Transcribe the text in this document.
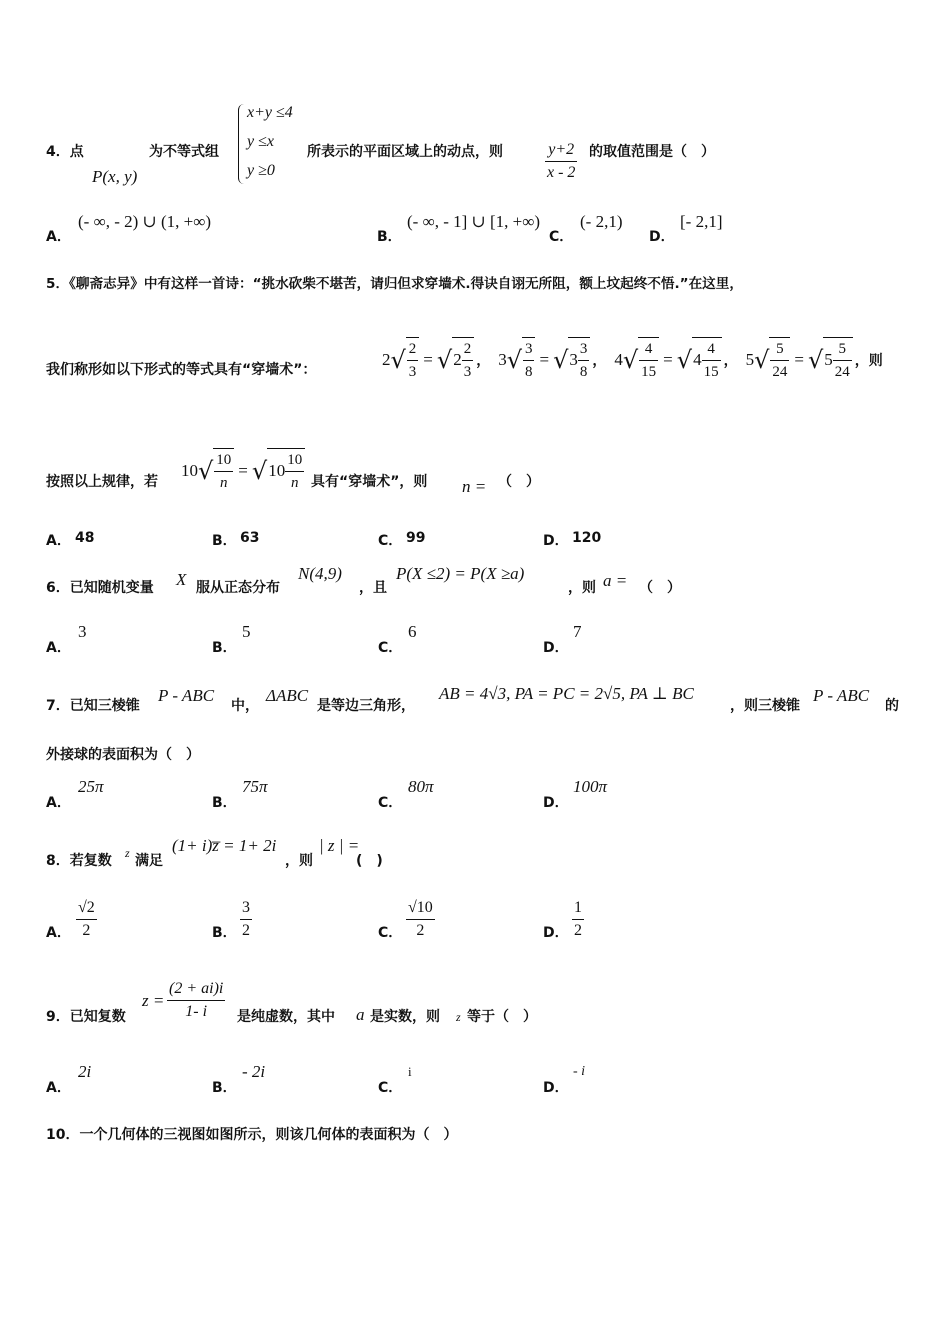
4．点
P(x, y)
为不等式组
x+y ≤4
y ≤x
y ≥0
所表示的平面区域上的动点，则	$\frac{y+2}{x - 2}$ 的取值范围是（　）
A．
(- ∞, - 2) ∪ (1, +∞)
B．
(- ∞, - 1] ∪ [1, +∞)
C．
(- 2,1)
D．
[- 2,1]
5．《聊斋志异》中有这样一首诗：“挑水砍柴不堪苦，请归但求穿墙术.得诀自诩无所阻，额上坟起终不悟.”在这里，
我们称形如以下形式的等式具有“穿墙术”：
2 √ $\frac{2}{3}$ = √ $2 \frac{2}{3}$ ， 3 √ $\frac{3}{8}$ = √ $3 \frac{3}{8}$ ， 4 √ $\frac{4}{15}$ = √ $4 \frac{4}{15}$ ， 5 √ $\frac{5}{24}$ = √ $5 \frac{5}{24}$ ，则
按照以上规律，若
10 √ $\frac{10}{n}$ = √ $10 \frac{10}{n}$ 具有“穿墙术”，则 n = （　）
A． 48	B． 63	C． 99	D． 120
6．已知随机变量 X 服从正态分布
N(4,9)
，且
P(X ≤2) = P(X ≥a)
，则 a = （　）
A．
3
B．
5
C．
6
D．
7
7．已知三棱锥
P - ABC
中，
ΔABC
是等边三角形，
AB = 4√3, PA = PC = 2√5, PA ⊥ BC
，则三棱锥
P - ABC
的
外接球的表面积为（　）
A．
25π
B．
75π
C．
80π
D．
100π
8．若复数 z 满足
(1+ i)z̅ = 1+ 2i
，则
| z | =
(　)
A． $\frac{√2}{2}$	B． $\frac{3}{2}$	C． $\frac{√10}{2}$	D． $\frac{1}{2}$
9．已知复数
$z = \frac{(2 + ai)i}{1- i}$ 是纯虚数，其中 a 是实数，则 z 等于（　）
A．
2i
B．
- 2i
C．
i
D．
- i
10．一个几何体的三视图如图所示，则该几何体的表面积为（　）
